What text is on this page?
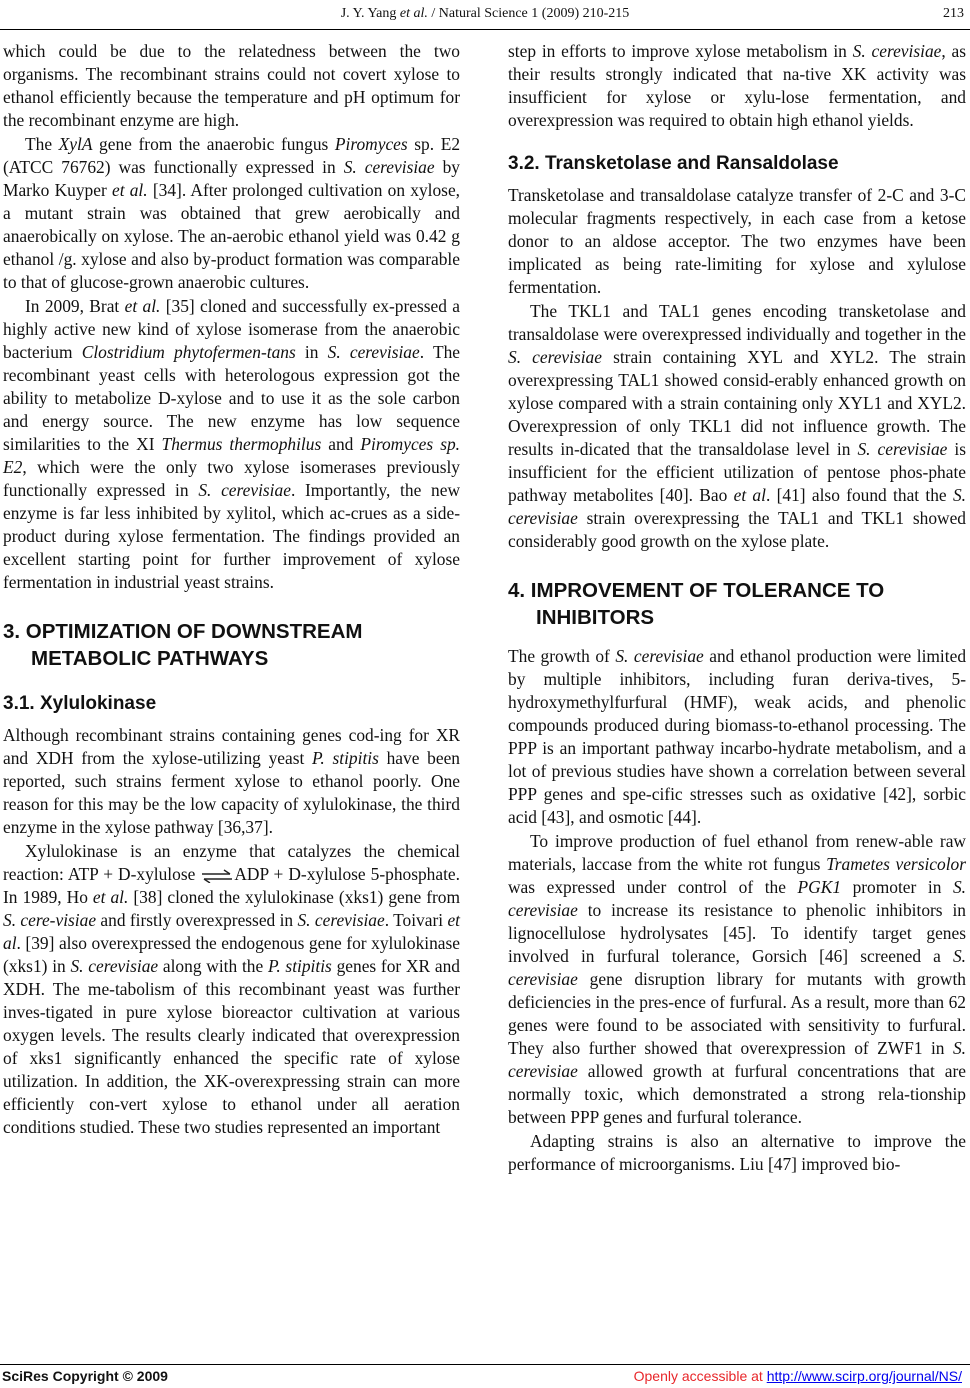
J. Y. Yang et al. / Natural Science 1 (2009) 210-215	213

which could be due to the relatedness between the two organisms. The recombinant strains could not covert xylose to ethanol efficiently because the temperature and pH optimum for the recombinant enzyme are high.

The XylA gene from the anaerobic fungus Piromyces sp. E2 (ATCC 76762) was functionally expressed in S. cerevisiae by Marko Kuyper et al. [34]. After prolonged cultivation on xylose, a mutant strain was obtained that grew aerobically and anaerobically on xylose. The an-aerobic ethanol yield was 0.42 g ethanol /g. xylose and also by-product formation was comparable to that of glucose-grown anaerobic cultures.

In 2009, Brat et al. [35] cloned and successfully ex-pressed a highly active new kind of xylose isomerase from the anaerobic bacterium Clostridium phytofermen-tans in S. cerevisiae. The recombinant yeast cells with heterologous expression got the ability to metabolize D-xylose and to use it as the sole carbon and energy source. The new enzyme has low sequence similarities to the XI Thermus thermophilus and Piromyces sp. E2, which were the only two xylose isomerases previously functionally expressed in S. cerevisiae. Importantly, the new enzyme is far less inhibited by xylitol, which ac-crues as a side-product during xylose fermentation. The findings provided an excellent starting point for further improvement of xylose fermentation in industrial yeast strains.

3. OPTIMIZATION OF DOWNSTREAM METABOLIC PATHWAYS
3.1. Xylulokinase

Although recombinant strains containing genes cod-ing for XR and XDH from the xylose-utilizing yeast P. stipitis have been reported, such strains ferment xylose to ethanol poorly. One reason for this may be the low capacity of xylulokinase, the third enzyme in the xylose pathway [36,37].

Xylulokinase is an enzyme that catalyzes the chemical reaction: ATP + D-xylulose ⇌ADP + D-xylulose 5-phosphate. In 1989, Ho et al. [38] cloned the xylulokinase (xks1) gene from S. cere-visiae and firstly overexpressed in S. cerevisiae. Toivari et al. [39] also overexpressed the endogenous gene for xylulokinase (xks1) in S. cerevisiae along with the P. stipitis genes for XR and XDH. The me-tabolism of this recombinant yeast was further inves-tigated in pure xylose bioreactor cultivation at various oxygen levels. The results clearly indicated that overexpression of xks1 significantly enhanced the specific rate of xylose utilization. In addition, the XK-overexpressing strain can more efficiently con-vert xylose to ethanol under all aeration conditions studied. These two studies represented an important

step in efforts to improve xylose metabolism in S. cerevisiae, as their results strongly indicated that na-tive XK activity was insufficient for xylose or xylu-lose fermentation, and overexpression was required to obtain high ethanol yields.

3.2. Transketolase and Ransaldolase

Transketolase and transaldolase catalyze transfer of 2-C and 3-C molecular fragments respectively, in each case from a ketose donor to an aldose acceptor. The two enzymes have been implicated as being rate-limiting for xylose and xylulose fermentation.

The TKL1 and TAL1 genes encoding transketolase and transaldolase were overexpressed individually and together in the S. cerevisiae strain containing XYL and XYL2. The strain overexpressing TAL1 showed consid-erably enhanced growth on xylose compared with a strain containing only XYL1 and XYL2. Overexpression of only TKL1 did not influence growth. The results in-dicated that the transaldolase level in S. cerevisiae is insufficient for the efficient utilization of pentose phos-phate pathway metabolites [40]. Bao et al. [41] also found that the S. cerevisiae strain overexpressing the TAL1 and TKL1 showed considerably good growth on the xylose plate.

4. IMPROVEMENT OF TOLERANCE TO INHIBITORS

The growth of S. cerevisiae and ethanol production were limited by multiple inhibitors, including furan deriva-tives, 5-hydroxymethylfurfural (HMF), weak acids, and phenolic compounds produced during biomass-to-ethanol processing. The PPP is an important pathway incarbo-hydrate metabolism, and a lot of previous studies have shown a correlation between several PPP genes and spe-cific stresses such as oxidative [42], sorbic acid [43], and osmotic [44].

To improve production of fuel ethanol from renew-able raw materials, laccase from the white rot fungus Trametes versicolor was expressed under control of the PGK1 promoter in S. cerevisiae to increase its resistance to phenolic inhibitors in lignocellulose hydrolysates [45]. To identify target genes involved in furfural tolerance, Gorsich [46] screened a S. cerevisiae gene disruption library for mutants with growth deficiencies in the pres-ence of furfural. As a result, more than 62 genes were found to be associated with sensitivity to furfural. They also further showed that overexpression of ZWF1 in S. cerevisiae allowed growth at furfural concentrations that are normally toxic, which demonstrated a strong rela-tionship between PPP genes and furfural tolerance.

Adapting strains is also an alternative to improve the performance of microorganisms. Liu [47] improved bio-

SciRes Copyright © 2009	Openly accessible at http://www.scirp.org/journal/NS/
